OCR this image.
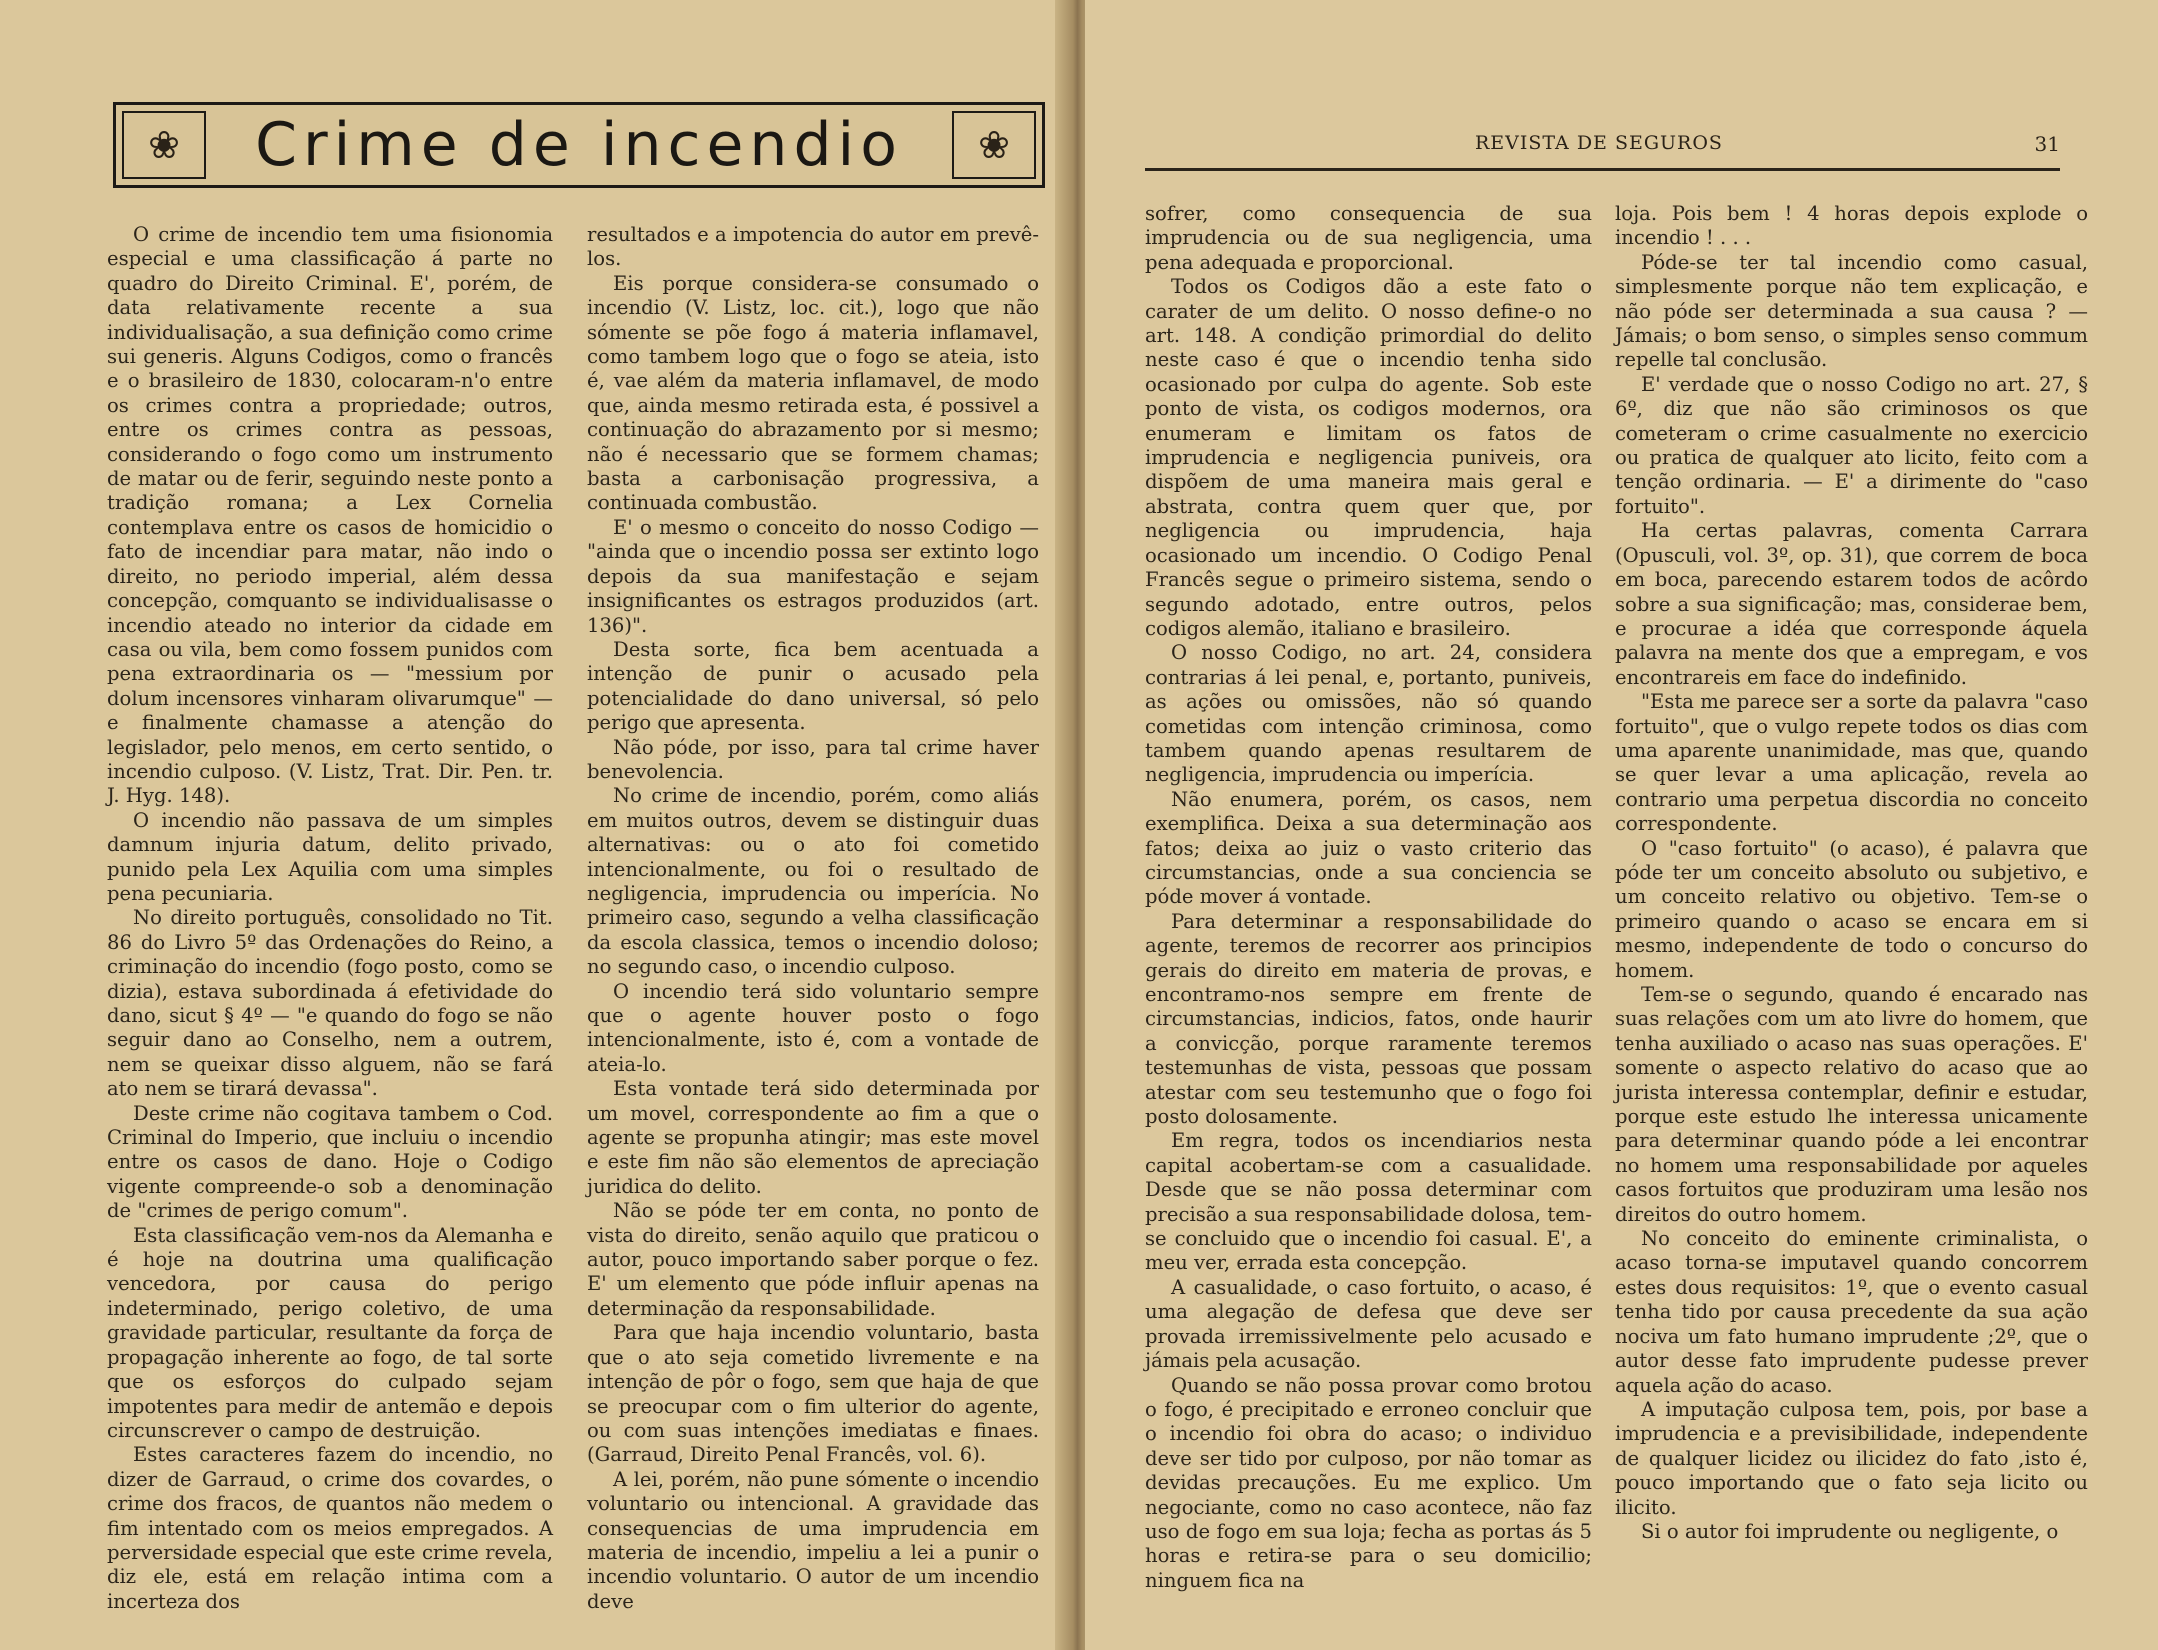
❀	Crime de incendio	❀

O crime de incendio tem uma fisionomia especial e uma classificação á parte no quadro do Direito Criminal. E', porém, de data relativamente recente a sua individualisação, a sua definição como crime sui generis. Alguns Codigos, como o francês e o brasileiro de 1830, colocaram-n'o entre os crimes contra a propriedade; outros, entre os crimes contra as pessoas, considerando o fogo como um instrumento de matar ou de ferir, seguindo neste ponto a tradição romana; a Lex Cornelia contemplava entre os casos de homicidio o fato de incendiar para matar, não indo o direito, no periodo imperial, além dessa concepção, comquanto se individualisasse o incendio ateado no interior da cidade em casa ou vila, bem como fossem punidos com pena extraordinaria os — "messium por dolum incensores vinharam olivarumque" — e finalmente chamasse a atenção do legislador, pelo menos, em certo sentido, o incendio culposo. (V. Listz, Trat. Dir. Pen. tr. J. Hyg. 148).

O incendio não passava de um simples damnum injuria datum, delito privado, punido pela Lex Aquilia com uma simples pena pecuniaria.

No direito português, consolidado no Tit. 86 do Livro 5º das Ordenações do Reino, a criminação do incendio (fogo posto, como se dizia), estava subordinada á efetividade do dano, sicut § 4º — "e quando do fogo se não seguir dano ao Conselho, nem a outrem, nem se queixar disso alguem, não se fará ato nem se tirará devassa".

Deste crime não cogitava tambem o Cod. Criminal do Imperio, que incluiu o incendio entre os casos de dano. Hoje o Codigo vigente compreende-o sob a denominação de "crimes de perigo comum".

Esta classificação vem-nos da Alemanha e é hoje na doutrina uma qualificação vencedora, por causa do perigo indeterminado, perigo coletivo, de uma gravidade particular, resultante da força de propagação inherente ao fogo, de tal sorte que os esforços do culpado sejam impotentes para medir de antemão e depois circunscrever o campo de destruição.

Estes caracteres fazem do incendio, no dizer de Garraud, o crime dos covardes, o crime dos fracos, de quantos não medem o fim intentado com os meios empregados. A perversidade especial que este crime revela, diz ele, está em relação intima com a incerteza dos

resultados e a impotencia do autor em prevê-los.

Eis porque considera-se consumado o incendio (V. Listz, loc. cit.), logo que não sómente se põe fogo á materia inflamavel, como tambem logo que o fogo se ateia, isto é, vae além da materia inflamavel, de modo que, ainda mesmo retirada esta, é possivel a continuação do abrazamento por si mesmo; não é necessario que se formem chamas; basta a carbonisação progressiva, a continuada combustão.

E' o mesmo o conceito do nosso Codigo — "ainda que o incendio possa ser extinto logo depois da sua manifestação e sejam insignificantes os estragos produzidos (art. 136)".

Desta sorte, fica bem acentuada a intenção de punir o acusado pela potencialidade do dano universal, só pelo perigo que apresenta.

Não póde, por isso, para tal crime haver benevolencia.

No crime de incendio, porém, como aliás em muitos outros, devem se distinguir duas alternativas: ou o ato foi cometido intencionalmente, ou foi o resultado de negligencia, imprudencia ou imperícia. No primeiro caso, segundo a velha classificação da escola classica, temos o incendio doloso; no segundo caso, o incendio culposo.

O incendio terá sido voluntario sempre que o agente houver posto o fogo intencionalmente, isto é, com a vontade de ateia-lo.

Esta vontade terá sido determinada por um movel, correspondente ao fim a que o agente se propunha atingir; mas este movel e este fim não são elementos de apreciação juridica do delito.

Não se póde ter em conta, no ponto de vista do direito, senão aquilo que praticou o autor, pouco importando saber porque o fez. E' um elemento que póde influir apenas na determinação da responsabilidade.

Para que haja incendio voluntario, basta que o ato seja cometido livremente e na intenção de pôr o fogo, sem que haja de que se preocupar com o fim ulterior do agente, ou com suas intenções imediatas e finaes. (Garraud, Direito Penal Francês, vol. 6).

A lei, porém, não pune sómente o incendio voluntario ou intencional. A gravidade das consequencias de uma imprudencia em materia de incendio, impeliu a lei a punir o incendio voluntario. O autor de um incendio deve

REVISTA DE SEGUROS	31

sofrer, como consequencia de sua imprudencia ou de sua negligencia, uma pena adequada e proporcional.

Todos os Codigos dão a este fato o carater de um delito. O nosso define-o no art. 148. A condição primordial do delito neste caso é que o incendio tenha sido ocasionado por culpa do agente. Sob este ponto de vista, os codigos modernos, ora enumeram e limitam os fatos de imprudencia e negligencia puniveis, ora dispõem de uma maneira mais geral e abstrata, contra quem quer que, por negligencia ou imprudencia, haja ocasionado um incendio. O Codigo Penal Francês segue o primeiro sistema, sendo o segundo adotado, entre outros, pelos codigos alemão, italiano e brasileiro.

O nosso Codigo, no art. 24, considera contrarias á lei penal, e, portanto, puniveis, as ações ou omissões, não só quando cometidas com intenção criminosa, como tambem quando apenas resultarem de negligencia, imprudencia ou imperícia.

Não enumera, porém, os casos, nem exemplifica. Deixa a sua determinação aos fatos; deixa ao juiz o vasto criterio das circumstancias, onde a sua conciencia se póde mover á vontade.

Para determinar a responsabilidade do agente, teremos de recorrer aos principios gerais do direito em materia de provas, e encontramo-nos sempre em frente de circumstancias, indicios, fatos, onde haurir a convicção, porque raramente teremos testemunhas de vista, pessoas que possam atestar com seu testemunho que o fogo foi posto dolosamente.

Em regra, todos os incendiarios nesta capital acobertam-se com a casualidade. Desde que se não possa determinar com precisão a sua responsabilidade dolosa, tem-se concluido que o incendio foi casual. E', a meu ver, errada esta concepção.

A casualidade, o caso fortuito, o acaso, é uma alegação de defesa que deve ser provada irremissivelmente pelo acusado e jámais pela acusação.

Quando se não possa provar como brotou o fogo, é precipitado e erroneo concluir que o incendio foi obra do acaso; o individuo deve ser tido por culposo, por não tomar as devidas precauções. Eu me explico. Um negociante, como no caso acontece, não faz uso de fogo em sua loja; fecha as portas ás 5 horas e retira-se para o seu domicilio; ninguem fica na

loja. Pois bem ! 4 horas depois explode o incendio ! . . .

Póde-se ter tal incendio como casual, simplesmente porque não tem explicação, e não póde ser determinada a sua causa ? — Jámais; o bom senso, o simples senso commum repelle tal conclusão.

E' verdade que o nosso Codigo no art. 27, § 6º, diz que não são criminosos os que cometeram o crime casualmente no exercicio ou pratica de qualquer ato licito, feito com a tenção ordinaria. — E' a dirimente do "caso fortuito".

Ha certas palavras, comenta Carrara (Opusculi, vol. 3º, op. 31), que correm de boca em boca, parecendo estarem todos de acôrdo sobre a sua significação; mas, considerae bem, e procurae a idéa que corresponde áquela palavra na mente dos que a empregam, e vos encontrareis em face do indefinido.

"Esta me parece ser a sorte da palavra "caso fortuito", que o vulgo repete todos os dias com uma aparente unanimidade, mas que, quando se quer levar a uma aplicação, revela ao contrario uma perpetua discordia no conceito correspondente.

O "caso fortuito" (o acaso), é palavra que póde ter um conceito absoluto ou subjetivo, e um conceito relativo ou objetivo. Tem-se o primeiro quando o acaso se encara em si mesmo, independente de todo o concurso do homem.

Tem-se o segundo, quando é encarado nas suas relações com um ato livre do homem, que tenha auxiliado o acaso nas suas operações. E' somente o aspecto relativo do acaso que ao jurista interessa contemplar, definir e estudar, porque este estudo lhe interessa unicamente para determinar quando póde a lei encontrar no homem uma responsabilidade por aqueles casos fortuitos que produziram uma lesão nos direitos do outro homem.

No conceito do eminente criminalista, o acaso torna-se imputavel quando concorrem estes dous requisitos: 1º, que o evento casual tenha tido por causa precedente da sua ação nociva um fato humano imprudente ;2º, que o autor desse fato imprudente pudesse prever aquela ação do acaso.

A imputação culposa tem, pois, por base a imprudencia e a previsibilidade, independente de qualquer licidez ou ilicidez do fato ,isto é, pouco importando que o fato seja licito ou ilicito.

Si o autor foi imprudente ou negligente, o
